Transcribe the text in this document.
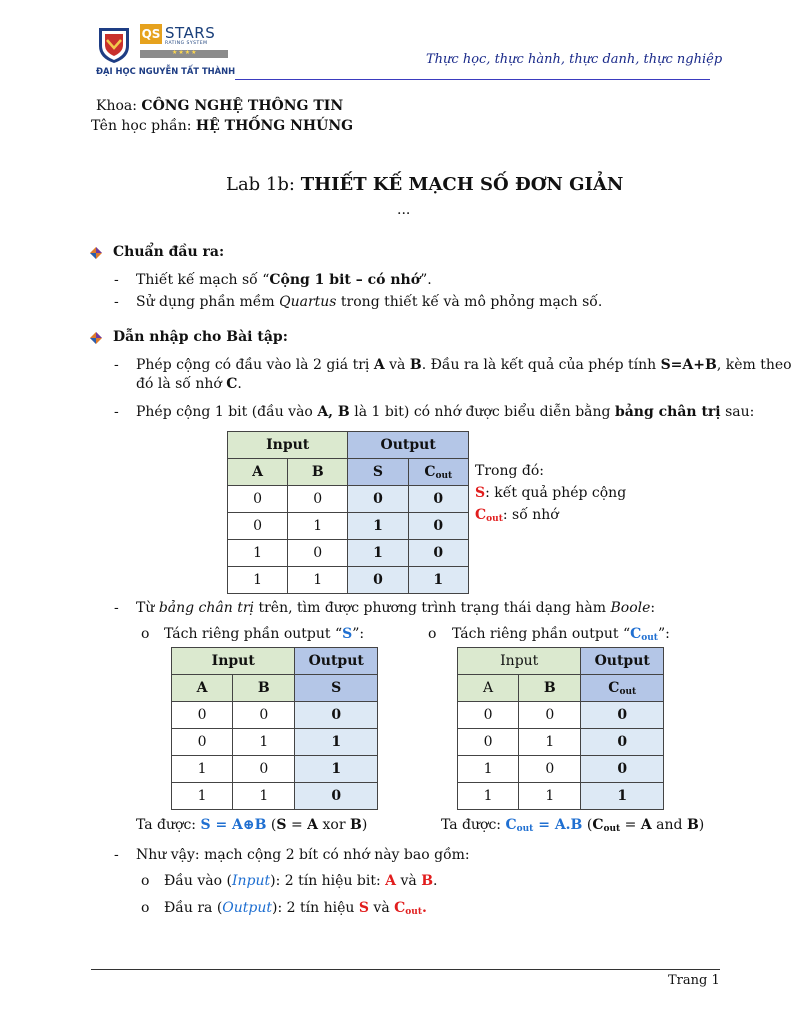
QS STARS
RATING SYSTEM
★★★★
ĐẠI HỌC NGUYỄN TẤT THÀNH
Thực học, thực hành, thực danh, thực nghiệp
Khoa: CÔNG NGHỆ THÔNG TIN
Tên học phần: HỆ THỐNG NHÚNG
Lab 1b: THIẾT KẾ MẠCH SỐ ĐƠN GIẢN
...
Chuẩn đầu ra:
- Thiết kế mạch số “Cộng 1 bit – có nhớ”.
- Sử dụng phần mềm Quartus trong thiết kế và mô phỏng mạch số.
Dẫn nhập cho Bài tập:
- Phép cộng có đầu vào là 2 giá trị A và B. Đầu ra là kết quả của phép tính S=A+B, kèm theo
đó là số nhớ C.
- Phép cộng 1 bit (đầu vào A, B là 1 bit) có nhớ được biểu diễn bằng bảng chân trị sau:
Input		Output	
A	B	S	$C_{out}$
0	0	0	0
0	1	1	0
1	0	1	0
1	1	0	1
Trong đó:
S: kết quả phép cộng
$C_{out}$: số nhớ
- Từ bảng chân trị trên, tìm được phương trình trạng thái dạng hàm Boole:
o Tách riêng phần output “S”:	o Tách riêng phần output “$C_{out}$”:
Input		Output
A	B	S
0	0	0
0	1	1
1	0	1
1	1	0
Input		Output
A	B	$C_{out}$
0	0	0
0	1	0
1	0	0
1	1	1
Ta được: S = A⊕B (S = A xor B)	Ta được: $C_{out} = A.B$ ($C_{out} = A$ and B)
- Như vậy: mạch cộng 2 bít có nhớ này bao gồm:
o Đầu vào (Input): 2 tín hiệu bit: A và B.
o Đầu ra (Output): 2 tín hiệu S và $C_{out}$.
Trang 1
